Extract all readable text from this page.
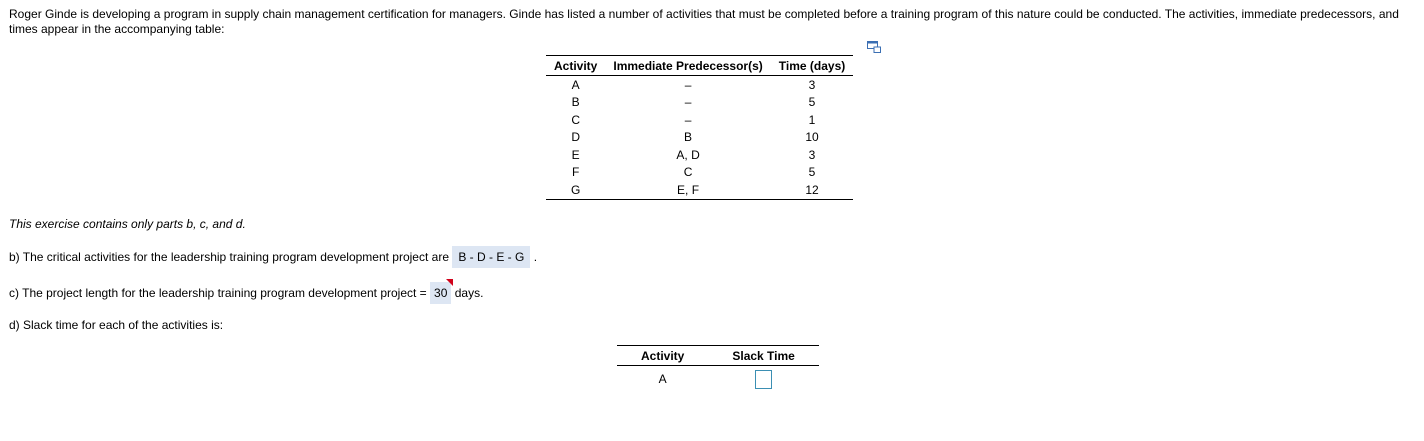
Roger Ginde is developing a program in supply chain management certification for managers. Ginde has listed a number of activities that must be completed before a training program of this nature could be conducted. The activities, immediate predecessors, and times appear in the accompanying table:
Activity	Immediate Predecessor(s)	Time (days)
A	–	3
B	–	5
C	–	1
D	B	10
E	A, D	3
F	C	5
G	E, F	12
This exercise contains only parts b, c, and d.
b) The critical activities for the leadership training program development project are B - D - E - G .
c) The project length for the leadership training program development project = 30 days.
d) Slack time for each of the activities is:
Activity	Slack Time
A	
